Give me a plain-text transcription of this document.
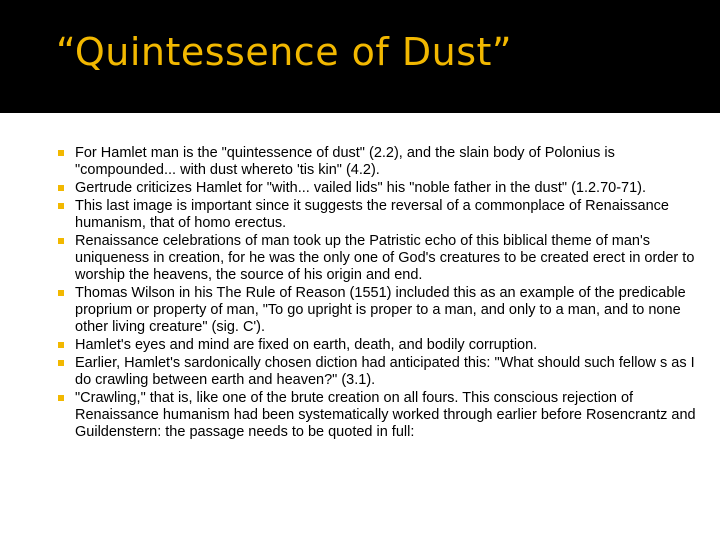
“Quintessence of Dust”
For Hamlet man is the "quintessence of dust" (2.2), and the slain body of Polonius is "compounded... with dust whereto 'tis kin" (4.2).
Gertrude criticizes Hamlet for "with... vailed lids" his "noble father in the dust" (1.2.70-71).
This last image is important since it suggests the reversal of a commonplace of Renaissance humanism, that of homo erectus.
Renaissance celebrations of man took up the Patristic echo of this biblical theme of man's uniqueness in creation, for he was the only one of God's creatures to be created erect in order to worship the heavens, the source of his origin and end.
Thomas Wilson in his The Rule of Reason (1551) included this as an example of the predicable proprium or property of man, "To go upright is proper to a man, and only to a man, and to none other living creature" (sig. C').
Hamlet's eyes and mind are fixed on earth, death, and bodily corruption.
Earlier, Hamlet's sardonically chosen diction had anticipated this: "What should such fellow s as I do crawling between earth and heaven?" (3.1).
"Crawling," that is, like one of the brute creation on all fours. This conscious rejection of Renaissance humanism had been systematically worked through earlier before Rosencrantz and Guildenstern: the passage needs to be quoted in full:
